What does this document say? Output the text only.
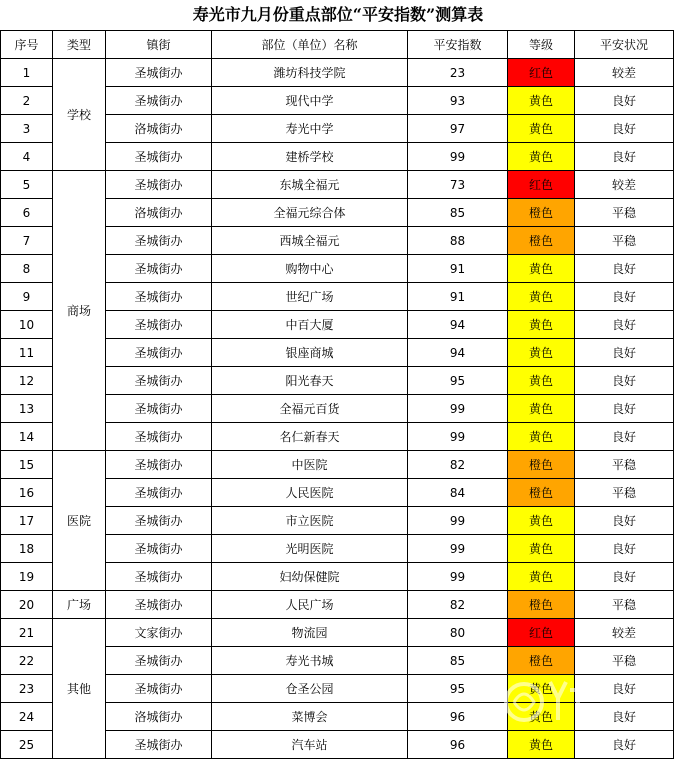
寿光市九月份重点部位“平安指数”测算表
序号	类型	镇街	部位（单位）名称	平安指数	等级	平安状况
1	学校	圣城街办	潍坊科技学院	23	红色	较差
2		圣城街办	现代中学	93	黄色	良好
3		洛城街办	寿光中学	97	黄色	良好
4		圣城街办	建桥学校	99	黄色	良好
5	商场	圣城街办	东城全福元	73	红色	较差
6		洛城街办	全福元综合体	85	橙色	平稳
7		圣城街办	西城全福元	88	橙色	平稳
8		圣城街办	购物中心	91	黄色	良好
9		圣城街办	世纪广场	91	黄色	良好
10		圣城街办	中百大厦	94	黄色	良好
11		圣城街办	银座商城	94	黄色	良好
12		圣城街办	阳光春天	95	黄色	良好
13		圣城街办	全福元百货	99	黄色	良好
14		圣城街办	名仁新春天	99	黄色	良好
15	医院	圣城街办	中医院	82	橙色	平稳
16		圣城街办	人民医院	84	橙色	平稳
17		圣城街办	市立医院	99	黄色	良好
18		圣城街办	光明医院	99	黄色	良好
19		圣城街办	妇幼保健院	99	黄色	良好
20	广场	圣城街办	人民广场	82	橙色	平稳
21	其他	文家街办	物流园	80	红色	较差
22		圣城街办	寿光书城	85	橙色	平稳
23		圣城街办	仓圣公园	95	黄色	良好
24		洛城街办	菜博会	96	黄色	良好
25		圣城街办	汽车站	96	黄色	良好
